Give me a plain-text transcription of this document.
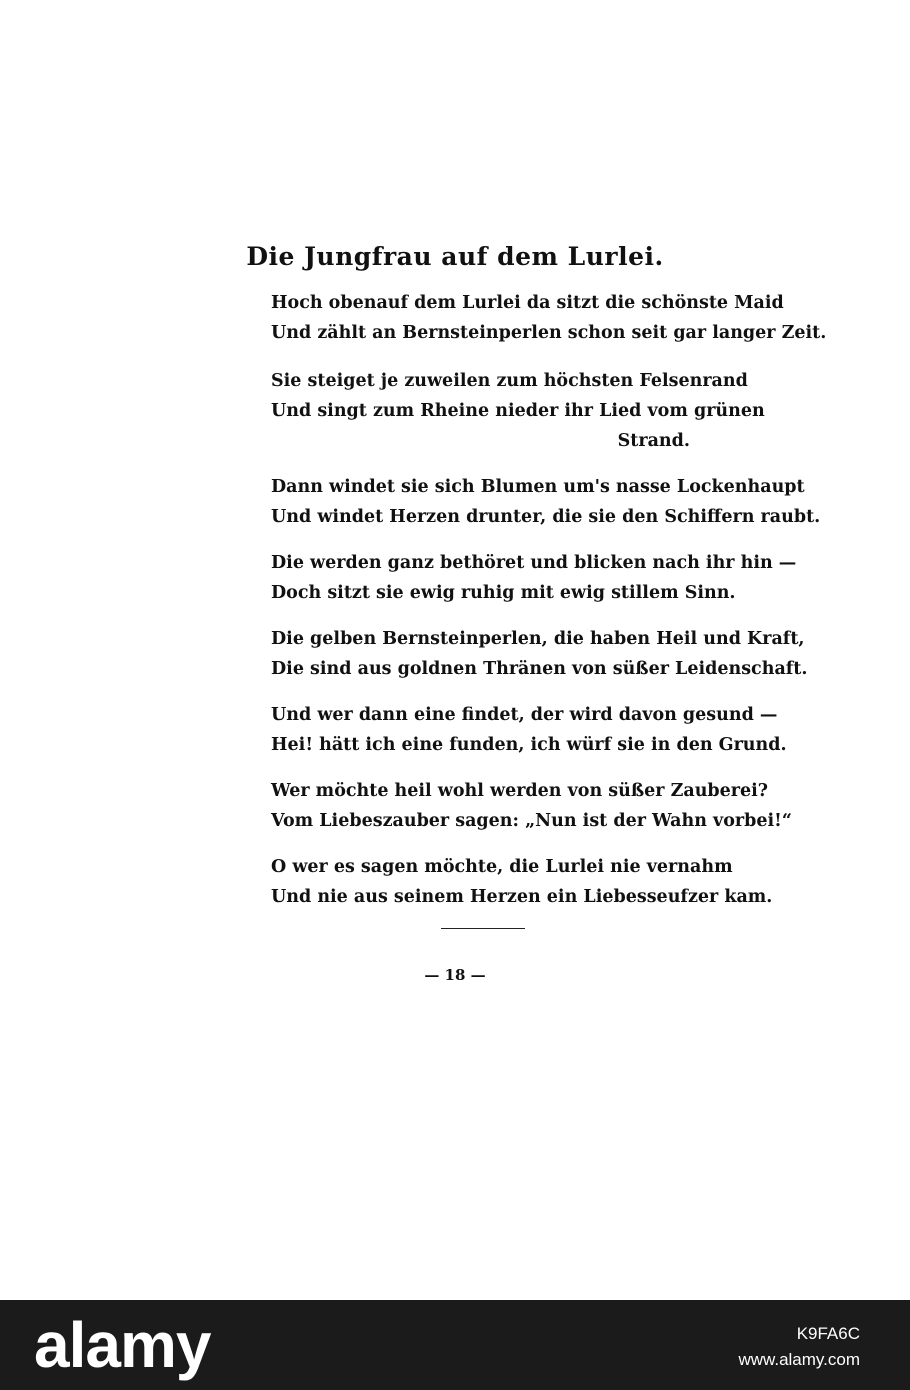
Die Jungfrau auf dem Lurlei.
Hoch obenauf dem Lurlei da sitzt die schönste Maid
Und zählt an Bernsteinperlen schon seit gar langer Zeit.
Sie steiget je zuweilen zum höchsten Felsenrand
Und singt zum Rheine nieder ihr Lied vom grünen
Strand.
Dann windet sie sich Blumen um's nasse Lockenhaupt
Und windet Herzen drunter, die sie den Schiffern raubt.
Die werden ganz bethöret und blicken nach ihr hin —
Doch sitzt sie ewig ruhig mit ewig stillem Sinn.
Die gelben Bernsteinperlen, die haben Heil und Kraft,
Die sind aus goldnen Thränen von süßer Leidenschaft.
Und wer dann eine findet, der wird davon gesund —
Hei! hätt ich eine funden, ich würf sie in den Grund.
Wer möchte heil wohl werden von süßer Zauberei?
Vom Liebeszauber sagen: „Nun ist der Wahn vorbei!“
O wer es sagen möchte, die Lurlei nie vernahm
Und nie aus seinem Herzen ein Liebesseufzer kam.
— 18 —
alamy	K9FA6C
www.alamy.com
